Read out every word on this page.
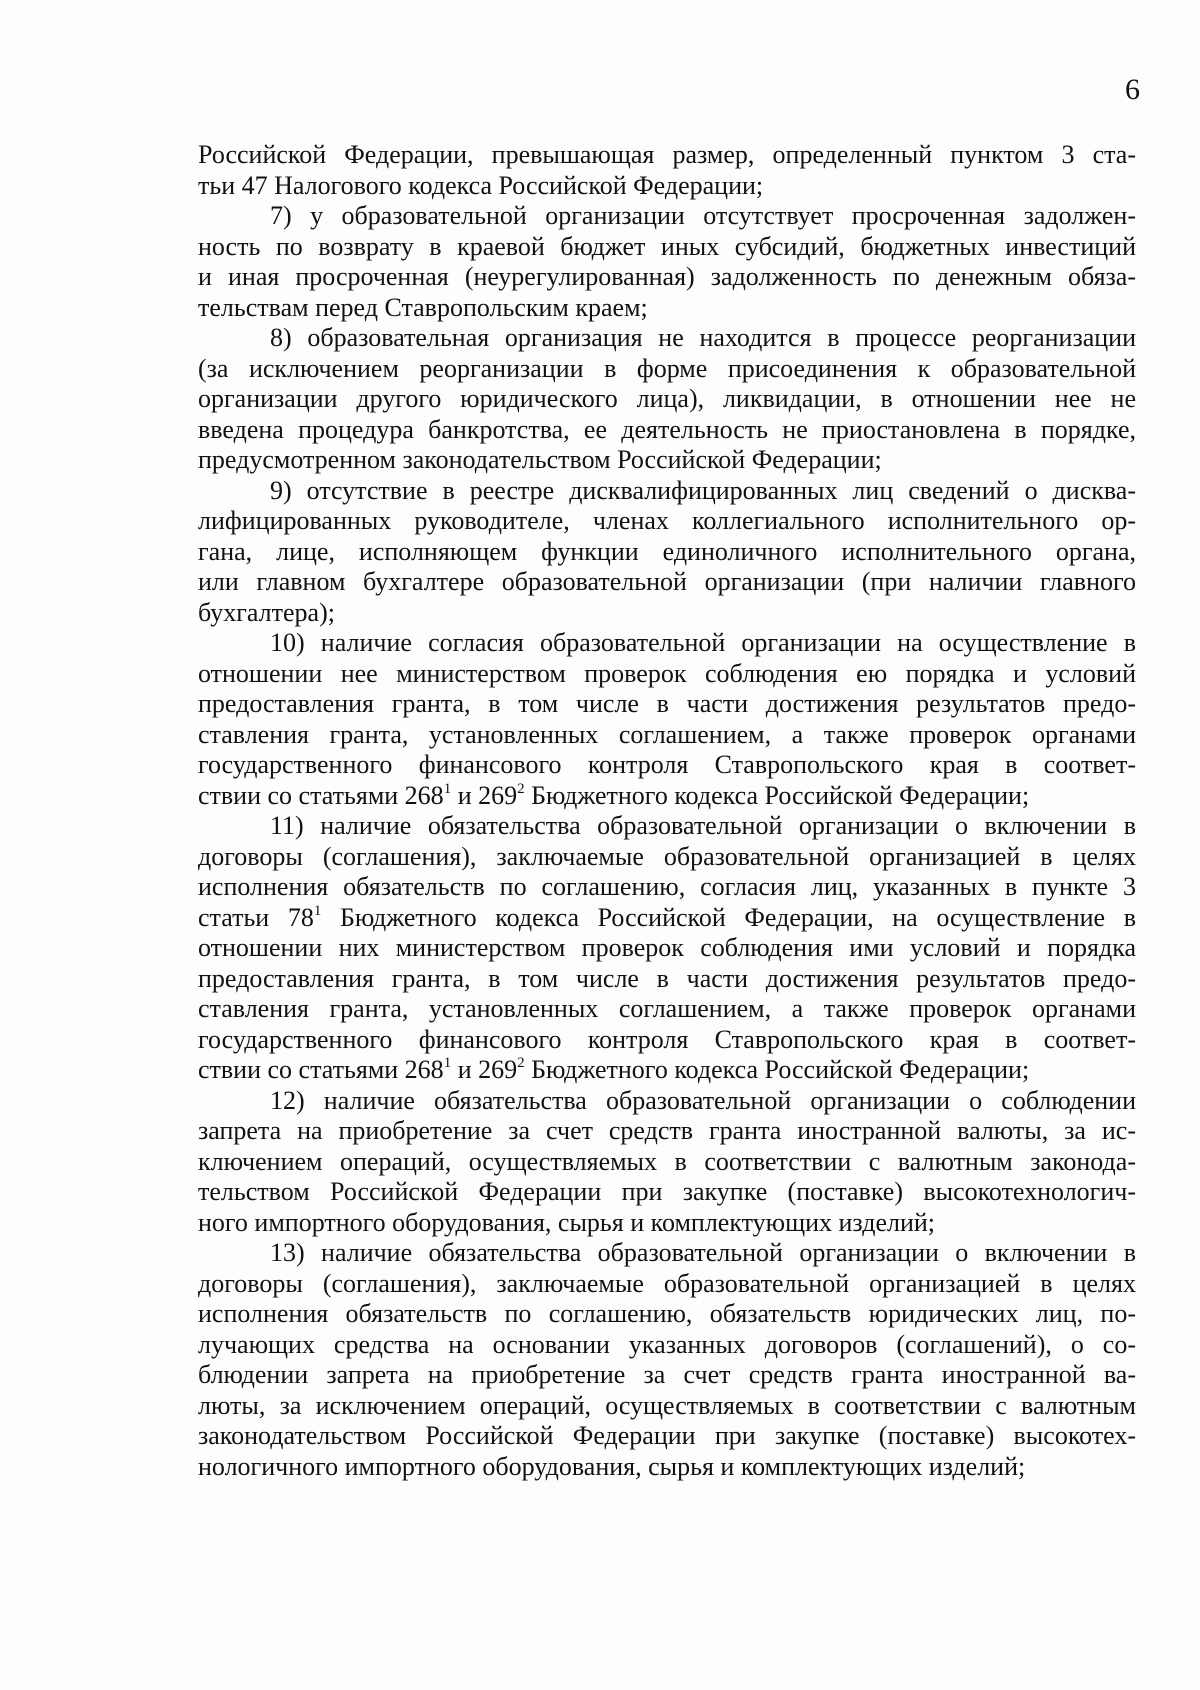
6

Российской Федерации, превышающая размер, определенный пунктом 3 ста-
тьи 47 Налогового кодекса Российской Федерации;

7) у образовательной организации отсутствует просроченная задолжен-
ность по возврату в краевой бюджет иных субсидий, бюджетных инвестиций
и иная просроченная (неурегулированная) задолженность по денежным обяза-
тельствам перед Ставропольским краем;

8) образовательная организация не находится в процессе реорганизации
(за исключением реорганизации в форме присоединения к образовательной
организации другого юридического лица), ликвидации, в отношении нее не
введена процедура банкротства, ее деятельность не приостановлена в порядке,
предусмотренном законодательством Российской Федерации;

9) отсутствие в реестре дисквалифицированных лиц сведений о дисква-
лифицированных руководителе, членах коллегиального исполнительного ор-
гана, лице, исполняющем функции единоличного исполнительного органа,
или главном бухгалтере образовательной организации (при наличии главного
бухгалтера);

10) наличие согласия образовательной организации на осуществление в
отношении нее министерством проверок соблюдения ею порядка и условий
предоставления гранта, в том числе в части достижения результатов предо-
ставления гранта, установленных соглашением, а также проверок органами
государственного финансового контроля Ставропольского края в соответ-
ствии со статьями $268^1$ и $269^2$ Бюджетного кодекса Российской Федерации;

11) наличие обязательства образовательной организации о включении в
договоры (соглашения), заключаемые образовательной организацией в целях
исполнения обязательств по соглашению, согласия лиц, указанных в пункте 3
статьи $78^1$ Бюджетного кодекса Российской Федерации, на осуществление в
отношении них министерством проверок соблюдения ими условий и порядка
предоставления гранта, в том числе в части достижения результатов предо-
ставления гранта, установленных соглашением, а также проверок органами
государственного финансового контроля Ставропольского края в соответ-
ствии со статьями $268^1$ и $269^2$ Бюджетного кодекса Российской Федерации;

12) наличие обязательства образовательной организации о соблюдении
запрета на приобретение за счет средств гранта иностранной валюты, за ис-
ключением операций, осуществляемых в соответствии с валютным законода-
тельством Российской Федерации при закупке (поставке) высокотехнологич-
ного импортного оборудования, сырья и комплектующих изделий;

13) наличие обязательства образовательной организации о включении в
договоры (соглашения), заключаемые образовательной организацией в целях
исполнения обязательств по соглашению, обязательств юридических лиц, по-
лучающих средства на основании указанных договоров (соглашений), о со-
блюдении запрета на приобретение за счет средств гранта иностранной ва-
люты, за исключением операций, осуществляемых в соответствии с валютным
законодательством Российской Федерации при закупке (поставке) высокотех-
нологичного импортного оборудования, сырья и комплектующих изделий;
